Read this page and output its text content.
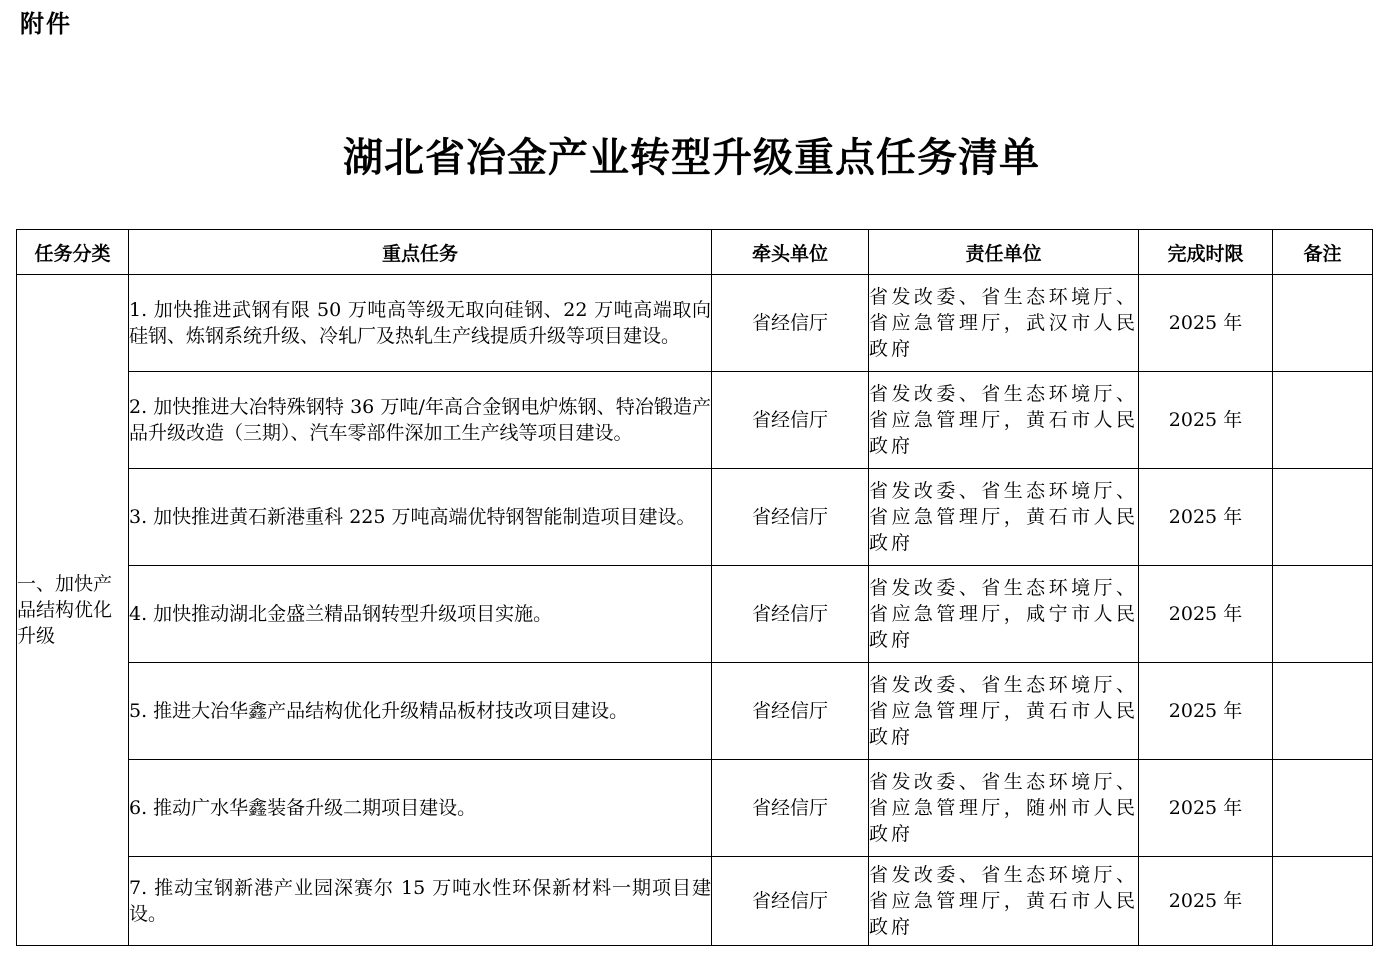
附件
湖北省冶金产业转型升级重点任务清单
任务分类	重点任务	牵头单位	责任单位	完成时限	备注
一、加快产品结构优化升级	1. 加快推进武钢有限 50 万吨高等级无取向硅钢、22 万吨高端取向硅钢、炼钢系统升级、冷轧厂及热轧生产线提质升级等项目建设。	省经信厅	省发改委、省生态环境厅、省应急管理厅，武汉市人民政府	2025 年	
	2. 加快推进大冶特殊钢特 36 万吨/年高合金钢电炉炼钢、特冶锻造产品升级改造（三期）、汽车零部件深加工生产线等项目建设。	省经信厅	省发改委、省生态环境厅、省应急管理厅，黄石市人民政府	2025 年	
	3. 加快推进黄石新港重科 225 万吨高端优特钢智能制造项目建设。	省经信厅	省发改委、省生态环境厅、省应急管理厅，黄石市人民政府	2025 年	
	4. 加快推动湖北金盛兰精品钢转型升级项目实施。	省经信厅	省发改委、省生态环境厅、省应急管理厅，咸宁市人民政府	2025 年	
	5. 推进大冶华鑫产品结构优化升级精品板材技改项目建设。	省经信厅	省发改委、省生态环境厅、省应急管理厅，黄石市人民政府	2025 年	
	6. 推动广水华鑫装备升级二期项目建设。	省经信厅	省发改委、省生态环境厅、省应急管理厅，随州市人民政府	2025 年	
	7. 推动宝钢新港产业园深赛尔 15 万吨水性环保新材料一期项目建设。	省经信厅	省发改委、省生态环境厅、省应急管理厅，黄石市人民政府	2025 年	
